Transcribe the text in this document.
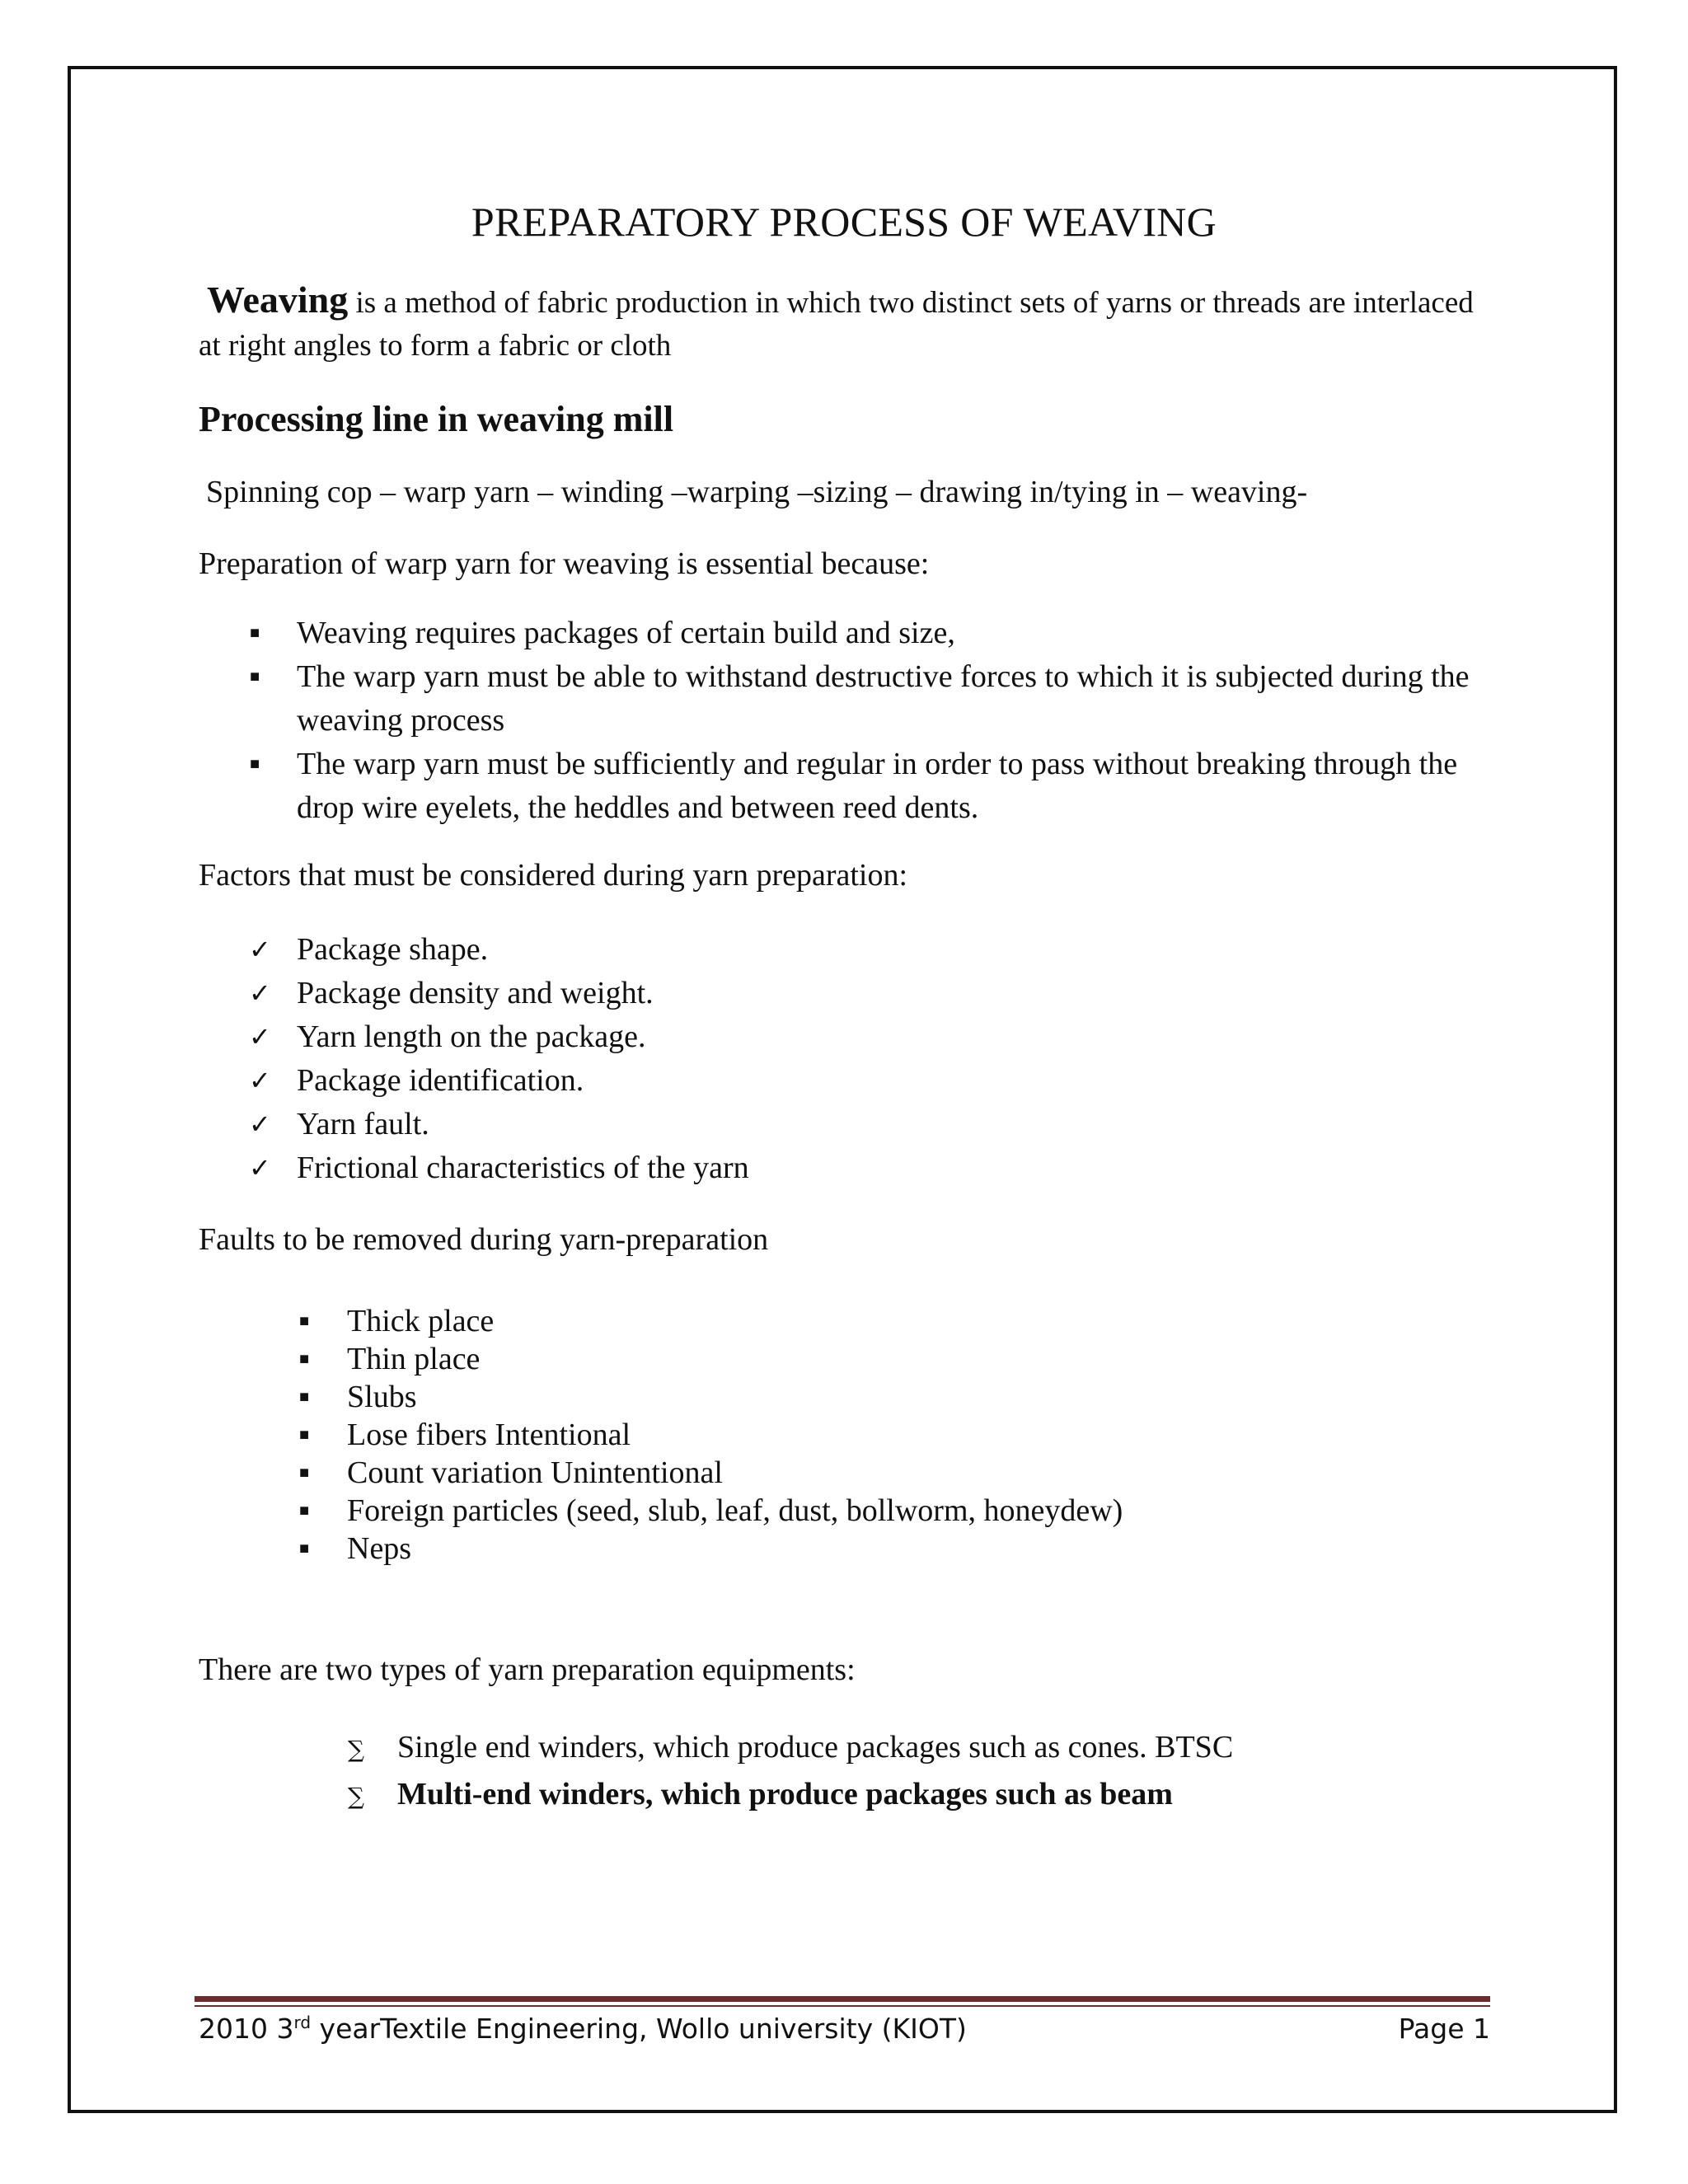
PREPARATORY PROCESS OF WEAVING

Weaving is a method of fabric production in which two distinct sets of yarns or threads are interlaced at right angles to form a fabric or cloth

Processing line in weaving mill

Spinning cop – warp yarn – winding –warping –sizing – drawing in/tying in – weaving-

Preparation of warp yarn for weaving is essential because:

■ Weaving requires packages of certain build and size,
■ The warp yarn must be able to withstand destructive forces to which it is subjected during the weaving process
■ The warp yarn must be sufficiently and regular in order to pass without breaking through the drop wire eyelets, the heddles and between reed dents.

Factors that must be considered during yarn preparation:

✓ Package shape.
✓ Package density and weight.
✓ Yarn length on the package.
✓ Package identification.
✓ Yarn fault.
✓ Frictional characteristics of the yarn

Faults to be removed during yarn-preparation

■ Thick place
■ Thin place
■ Slubs
■ Lose fibers Intentional
■ Count variation Unintentional
■ Foreign particles (seed, slub, leaf, dust, bollworm, honeydew)
■ Neps

There are two types of yarn preparation equipments:

∑ Single end winders, which produce packages such as cones. BTSC
∑ Multi-end winders, which produce packages such as beam

2010 3rd yearTextile Engineering, Wollo university (KIOT)	Page 1
